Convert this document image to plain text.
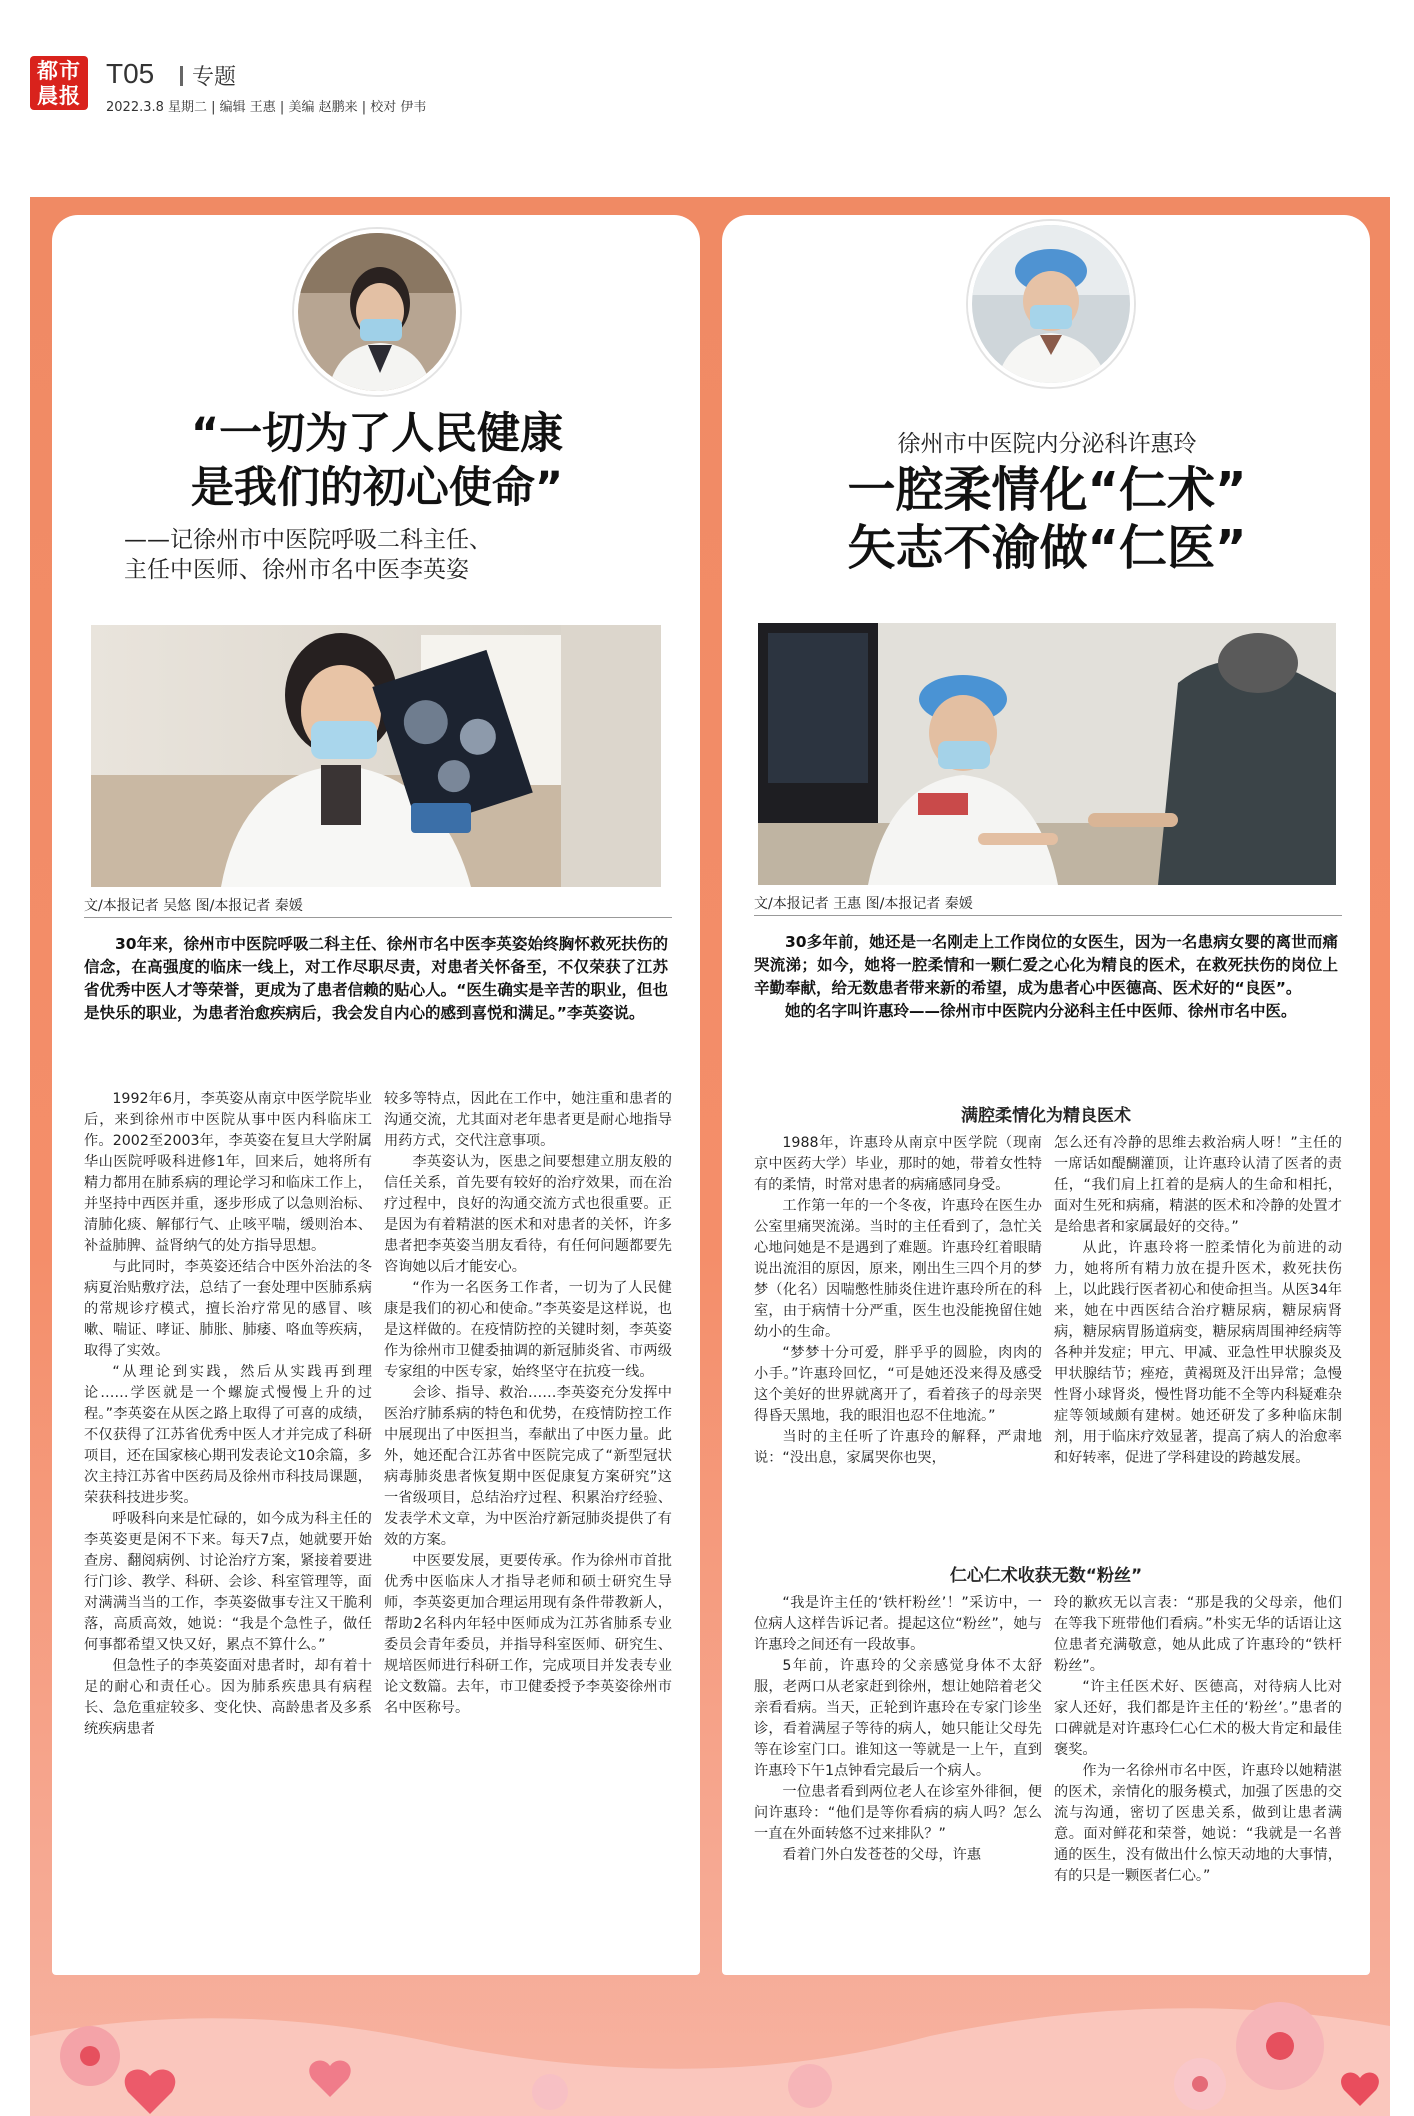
都市
晨报
T05 专题
2022.3.8 星期二 | 编辑 王惠 | 美编 赵鹏来 | 校对 伊韦
“一切为了人民健康
是我们的初心使命”
——记徐州市中医院呼吸二科主任、
主任中医师、徐州市名中医李英姿
文/本报记者 吴悠 图/本报记者 秦媛

30年来，徐州市中医院呼吸二科主任、徐州市名中医李英姿始终胸怀救死扶伤的信念，在高强度的临床一线上，对工作尽职尽责，对患者关怀备至，不仅荣获了江苏省优秀中医人才等荣誉，更成为了患者信赖的贴心人。“医生确实是辛苦的职业，但也是快乐的职业，为患者治愈疾病后，我会发自内心的感到喜悦和满足。”李英姿说。

1992年6月，李英姿从南京中医学院毕业后，来到徐州市中医院从事中医内科临床工作。2002至2003年，李英姿在复旦大学附属华山医院呼吸科进修1年，回来后，她将所有精力都用在肺系病的理论学习和临床工作上，并坚持中西医并重，逐步形成了以急则治标、清肺化痰、解郁行气、止咳平喘，缓则治本、补益肺脾、益肾纳气的处方指导思想。

与此同时，李英姿还结合中医外治法的冬病夏治贴敷疗法，总结了一套处理中医肺系病的常规诊疗模式，擅长治疗常见的感冒、咳嗽、喘证、哮证、肺胀、肺痿、咯血等疾病，取得了实效。

“从理论到实践，然后从实践再到理论……学医就是一个螺旋式慢慢上升的过程。”李英姿在从医之路上取得了可喜的成绩，不仅获得了江苏省优秀中医人才并完成了科研项目，还在国家核心期刊发表论文10余篇，多次主持江苏省中医药局及徐州市科技局课题，荣获科技进步奖。

呼吸科向来是忙碌的，如今成为科主任的李英姿更是闲不下来。每天7点，她就要开始查房、翻阅病例、讨论治疗方案，紧接着要进行门诊、教学、科研、会诊、科室管理等，面对满满当当的工作，李英姿做事专注又干脆利落，高质高效，她说：“我是个急性子，做任何事都希望又快又好，累点不算什么。”

但急性子的李英姿面对患者时，却有着十足的耐心和责任心。因为肺系疾患具有病程长、急危重症较多、变化快、高龄患者及多系统疾病患者

较多等特点，因此在工作中，她注重和患者的沟通交流，尤其面对老年患者更是耐心地指导用药方式，交代注意事项。

李英姿认为，医患之间要想建立朋友般的信任关系，首先要有较好的治疗效果，而在治疗过程中，良好的沟通交流方式也很重要。正是因为有着精湛的医术和对患者的关怀，许多患者把李英姿当朋友看待，有任何问题都要先咨询她以后才能安心。

“作为一名医务工作者，一切为了人民健康是我们的初心和使命。”李英姿是这样说，也是这样做的。在疫情防控的关键时刻，李英姿作为徐州市卫健委抽调的新冠肺炎省、市两级专家组的中医专家，始终坚守在抗疫一线。

会诊、指导、救治……李英姿充分发挥中医治疗肺系病的特色和优势，在疫情防控工作中展现出了中医担当，奉献出了中医力量。此外，她还配合江苏省中医院完成了“新型冠状病毒肺炎患者恢复期中医促康复方案研究”这一省级项目，总结治疗过程、积累治疗经验、发表学术文章，为中医治疗新冠肺炎提供了有效的方案。

中医要发展，更要传承。作为徐州市首批优秀中医临床人才指导老师和硕士研究生导师，李英姿更加合理运用现有条件带教新人，帮助2名科内年轻中医师成为江苏省肺系专业委员会青年委员，并指导科室医师、研究生、规培医师进行科研工作，完成项目并发表专业论文数篇。去年，市卫健委授予李英姿徐州市名中医称号。

徐州市中医院内分泌科许惠玲
一腔柔情化“仁术”
矢志不渝做“仁医”
文/本报记者 王惠 图/本报记者 秦媛

30多年前，她还是一名刚走上工作岗位的女医生，因为一名患病女婴的离世而痛哭流涕；如今，她将一腔柔情和一颗仁爱之心化为精良的医术，在救死扶伤的岗位上辛勤奉献，给无数患者带来新的希望，成为患者心中医德高、医术好的“良医”。

她的名字叫许惠玲——徐州市中医院内分泌科主任中医师、徐州市名中医。

满腔柔情化为精良医术

1988年，许惠玲从南京中医学院（现南京中医药大学）毕业，那时的她，带着女性特有的柔情，时常对患者的病痛感同身受。

工作第一年的一个冬夜，许惠玲在医生办公室里痛哭流涕。当时的主任看到了，急忙关心地问她是不是遇到了难题。许惠玲红着眼睛说出流泪的原因，原来，刚出生三四个月的梦梦（化名）因喘憋性肺炎住进许惠玲所在的科室，由于病情十分严重，医生也没能挽留住她幼小的生命。

“梦梦十分可爱，胖乎乎的圆脸，肉肉的小手。”许惠玲回忆，“可是她还没来得及感受这个美好的世界就离开了，看着孩子的母亲哭得昏天黑地，我的眼泪也忍不住地流。”

当时的主任听了许惠玲的解释，严肃地说：“没出息，家属哭你也哭，

怎么还有冷静的思维去救治病人呀！”主任的一席话如醍醐灌顶，让许惠玲认清了医者的责任，“我们肩上扛着的是病人的生命和相托，面对生死和病痛，精湛的医术和冷静的处置才是给患者和家属最好的交待。”

从此，许惠玲将一腔柔情化为前进的动力，她将所有精力放在提升医术，救死扶伤上，以此践行医者初心和使命担当。从医34年来，她在中西医结合治疗糖尿病，糖尿病肾病，糖尿病胃肠道病变，糖尿病周围神经病等各种并发症；甲亢、甲减、亚急性甲状腺炎及甲状腺结节；痤疮，黄褐斑及汗出异常；急慢性肾小球肾炎，慢性肾功能不全等内科疑难杂症等领域颇有建树。她还研发了多种临床制剂，用于临床疗效显著，提高了病人的治愈率和好转率，促进了学科建设的跨越发展。

仁心仁术收获无数“粉丝”

“我是许主任的‘铁杆粉丝’！”采访中，一位病人这样告诉记者。提起这位“粉丝”，她与许惠玲之间还有一段故事。

5年前，许惠玲的父亲感觉身体不太舒服，老两口从老家赶到徐州，想让她陪着老父亲看看病。当天，正轮到许惠玲在专家门诊坐诊，看着满屋子等待的病人，她只能让父母先等在诊室门口。谁知这一等就是一上午，直到许惠玲下午1点钟看完最后一个病人。

一位患者看到两位老人在诊室外徘徊，便问许惠玲：“他们是等你看病的病人吗？怎么一直在外面转悠不过来排队？”

看着门外白发苍苍的父母，许惠

玲的歉疚无以言表：“那是我的父母亲，他们在等我下班带他们看病。”朴实无华的话语让这位患者充满敬意，她从此成了许惠玲的“铁杆粉丝”。

“许主任医术好、医德高，对待病人比对家人还好，我们都是许主任的‘粉丝’。”患者的口碑就是对许惠玲仁心仁术的极大肯定和最佳褒奖。

作为一名徐州市名中医，许惠玲以她精湛的医术，亲情化的服务模式，加强了医患的交流与沟通，密切了医患关系，做到让患者满意。面对鲜花和荣誉，她说：“我就是一名普通的医生，没有做出什么惊天动地的大事情，有的只是一颗医者仁心。”
